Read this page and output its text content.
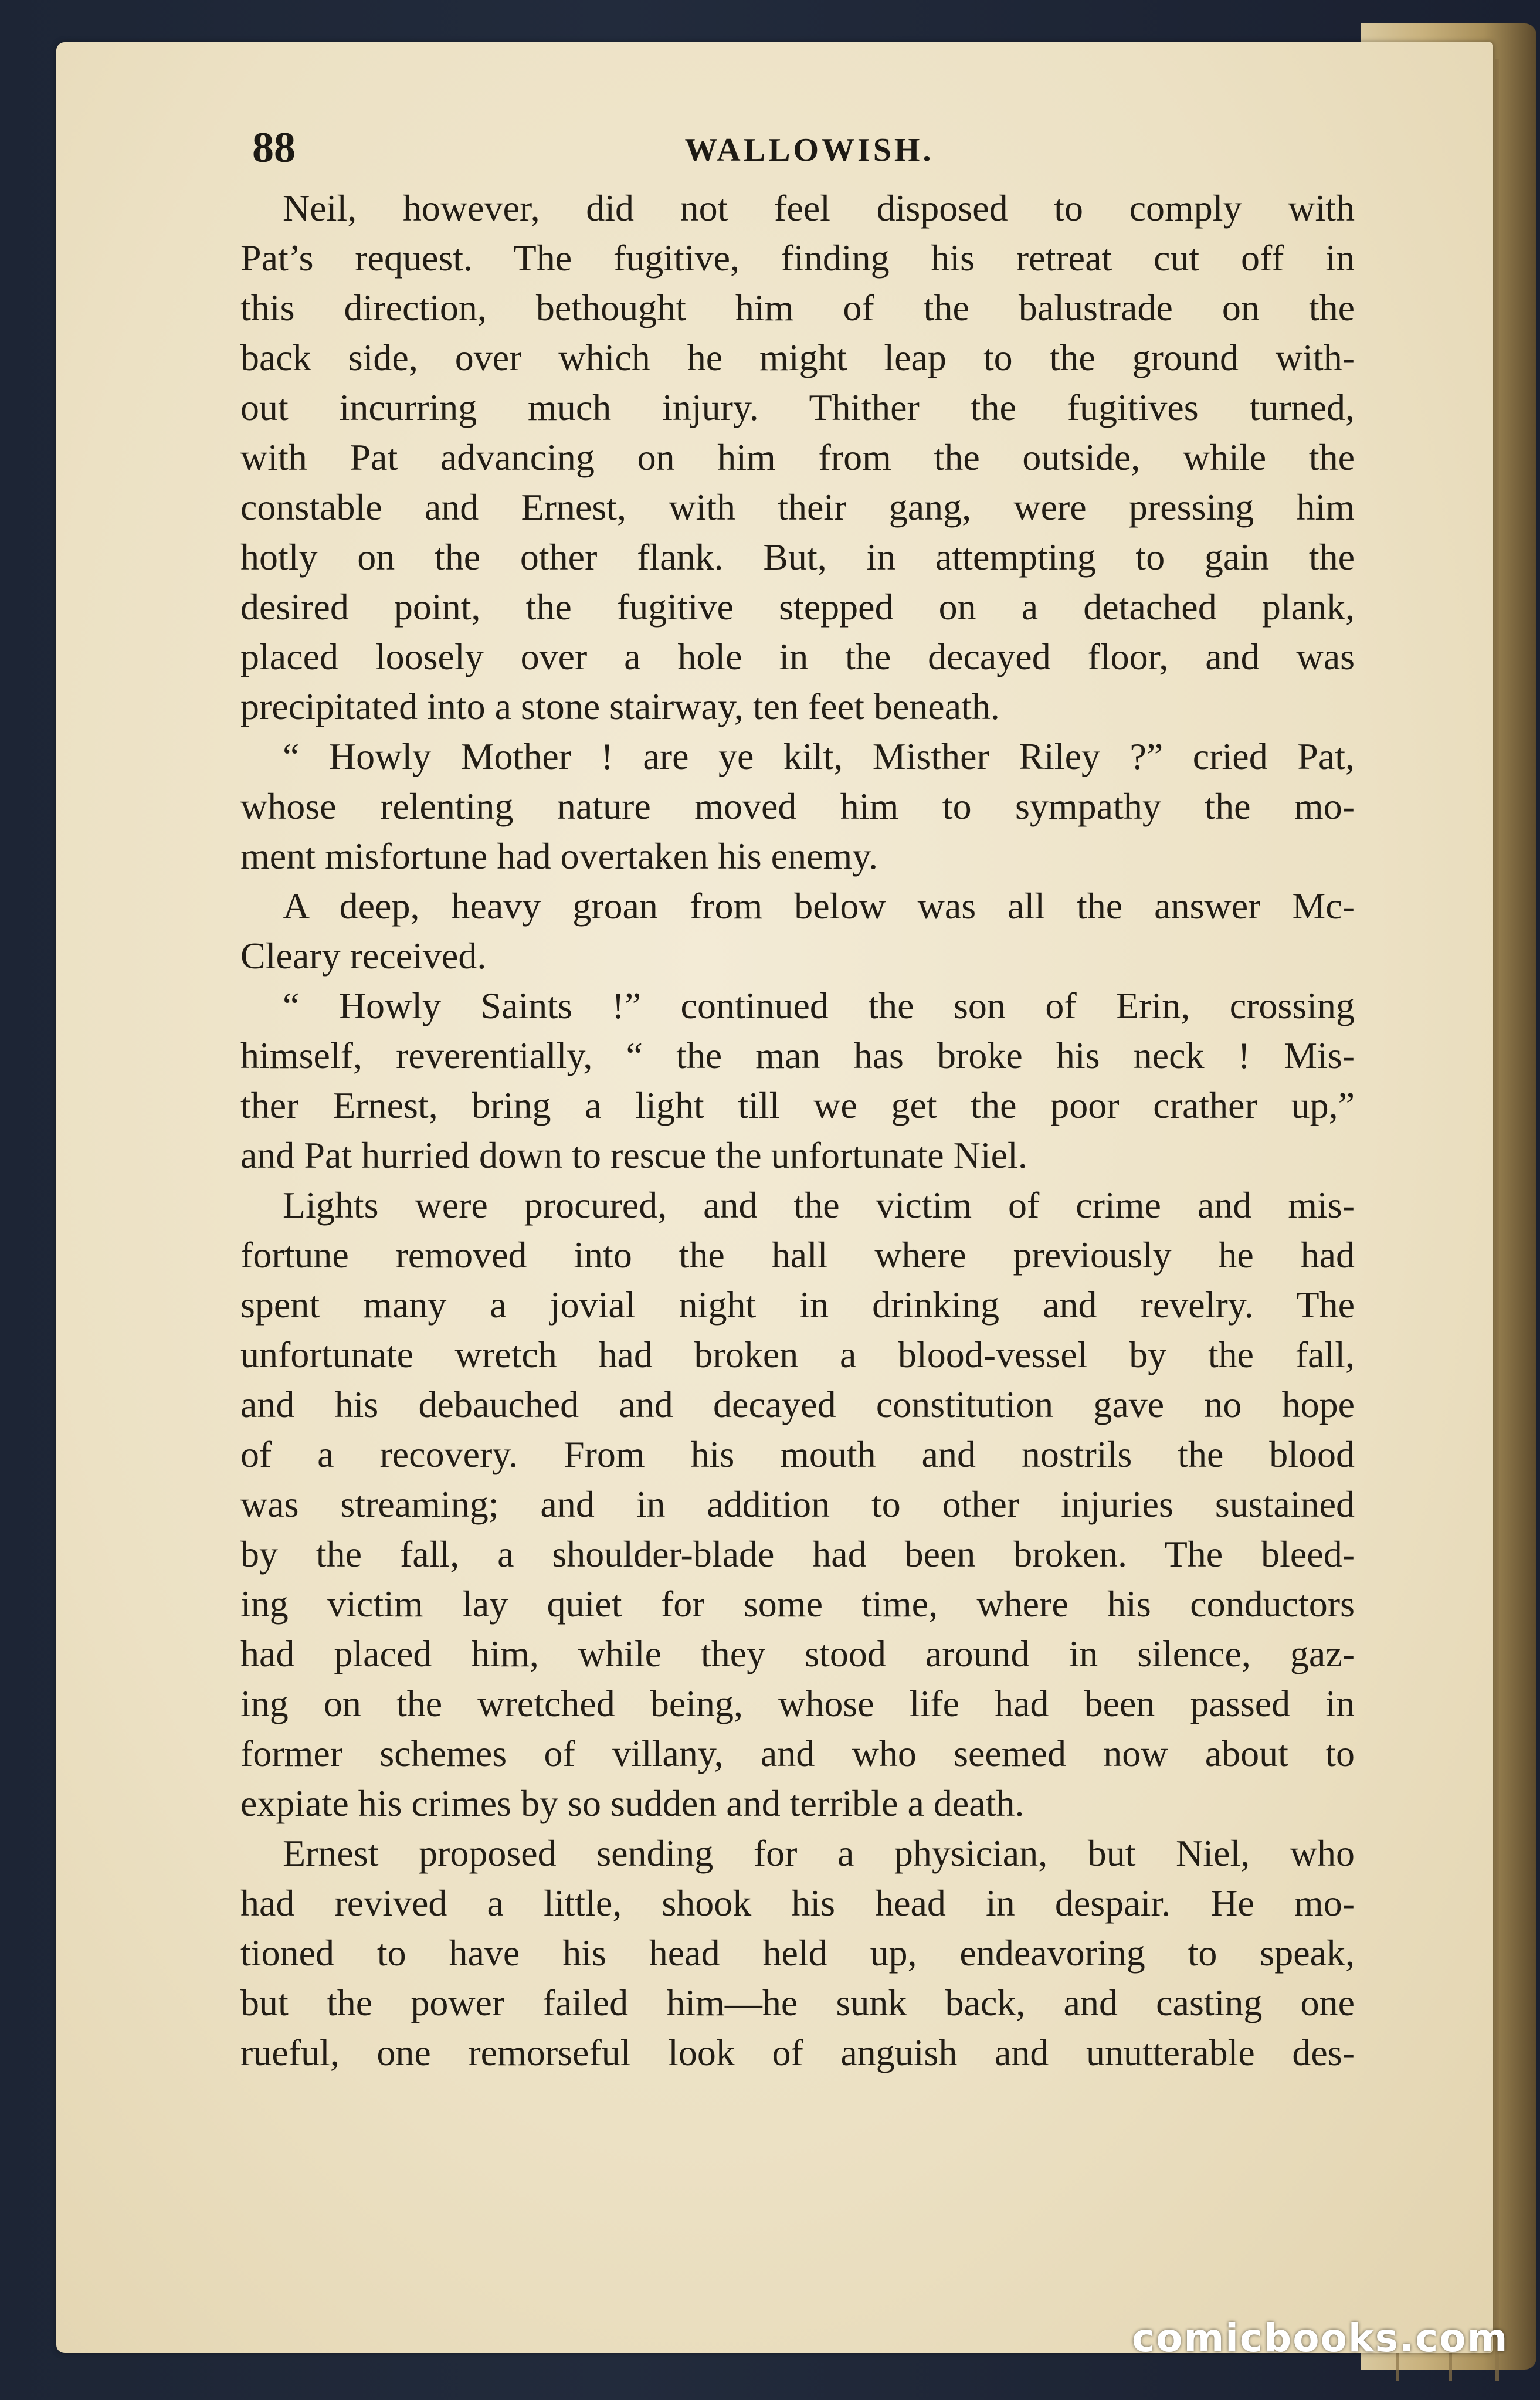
88	WALLOWISH.
Neil, however, did not feel disposed to comply with
Pat’s request. The fugitive, finding his retreat cut off in
this direction, bethought him of the balustrade on the
back side, over which he might leap to the ground with-
out incurring much injury. Thither the fugitives turned,
with Pat advancing on him from the outside, while the
constable and Ernest, with their gang, were pressing him
hotly on the other flank. But, in attempting to gain the
desired point, the fugitive stepped on a detached plank,
placed loosely over a hole in the decayed floor, and was
precipitated into a stone stairway, ten feet beneath.
“ Howly Mother ! are ye kilt, Misther Riley ?” cried Pat,
whose relenting nature moved him to sympathy the mo-
ment misfortune had overtaken his enemy.
A deep, heavy groan from below was all the answer Mc-
Cleary received.
“ Howly Saints !” continued the son of Erin, crossing
himself, reverentially, “ the man has broke his neck ! Mis-
ther Ernest, bring a light till we get the poor crather up,”
and Pat hurried down to rescue the unfortunate Niel.
Lights were procured, and the victim of crime and mis-
fortune removed into the hall where previously he had
spent many a jovial night in drinking and revelry. The
unfortunate wretch had broken a blood-vessel by the fall,
and his debauched and decayed constitution gave no hope
of a recovery. From his mouth and nostrils the blood
was streaming; and in addition to other injuries sustained
by the fall, a shoulder-blade had been broken. The bleed-
ing victim lay quiet for some time, where his conductors
had placed him, while they stood around in silence, gaz-
ing on the wretched being, whose life had been passed in
former schemes of villany, and who seemed now about to
expiate his crimes by so sudden and terrible a death.
Ernest proposed sending for a physician, but Niel, who
had revived a little, shook his head in despair. He mo-
tioned to have his head held up, endeavoring to speak,
but the power failed him—he sunk back, and casting one
rueful, one remorseful look of anguish and unutterable des-
comicbooks.com
